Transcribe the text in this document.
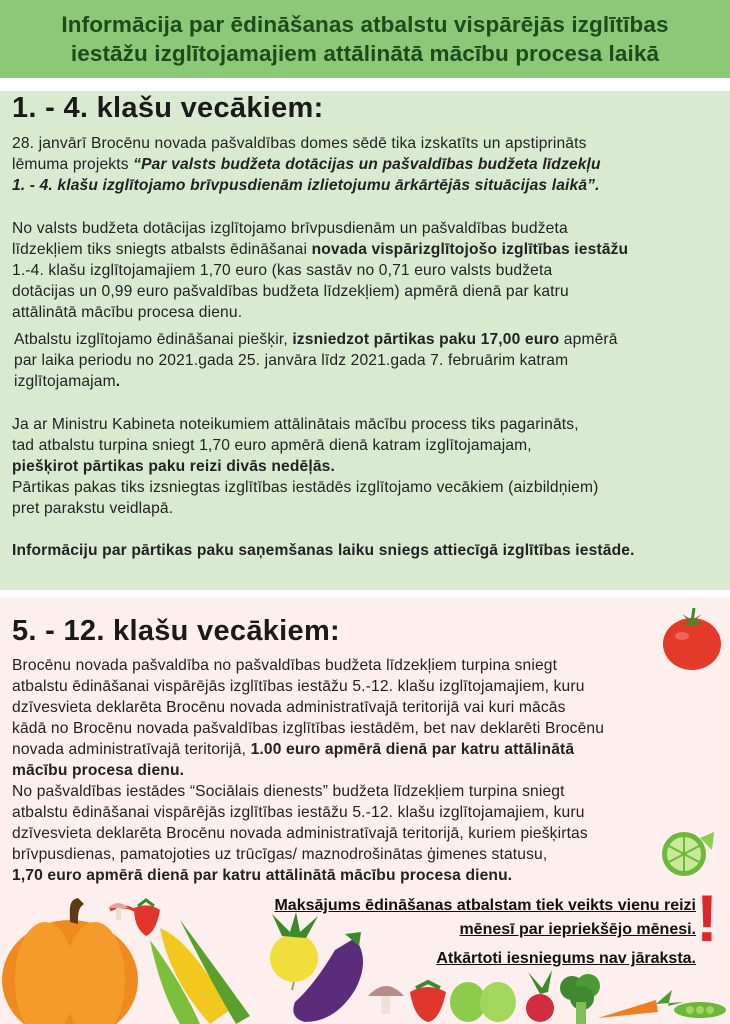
Informācija par ēdināšanas atbalstu vispārējās izglītības
iestāžu izglītojamajiem attālinātā mācību procesa laikā
1. - 4. klašu vecākiem:
28. janvārī Brocēnu novada pašvaldības domes sēdē tika izskatīts un apstiprināts
lēmuma projekts “Par valsts budžeta dotācijas un pašvaldības budžeta līdzekļu
1. - 4. klašu izglītojamo brīvpusdienām izlietojumu ārkārtējās situācijas laikā”.
No valsts budžeta dotācijas izglītojamo brīvpusdienām un pašvaldības budžeta
līdzekļiem tiks sniegts atbalsts ēdināšanai novada vispārizglītojošo izglītības iestāžu
1.-4. klašu izglītojamajiem 1,70 euro (kas sastāv no 0,71 euro valsts budžeta
dotācijas un 0,99 euro pašvaldības budžeta līdzekļiem) apmērā dienā par katru
attālinātā mācību procesa dienu.
Atbalstu izglītojamo ēdināšanai piešķir, izsniedzot pārtikas paku 17,00 euro apmērā
par laika periodu no 2021.gada 25. janvāra līdz 2021.gada 7. februārim katram
izglītojamajam.
Ja ar Ministru Kabineta noteikumiem attālinātais mācību process tiks pagarināts,
tad atbalstu turpina sniegt 1,70 euro apmērā dienā katram izglītojamajam,
piešķirot pārtikas paku reizi divās nedēļās.
Pārtikas pakas tiks izsniegtas izglītības iestādēs izglītojamo vecākiem (aizbildņiem)
pret parakstu veidlapā.
Informāciju par pārtikas paku saņemšanas laiku sniegs attiecīgā izglītības iestāde.
5. - 12. klašu vecākiem:
Brocēnu novada pašvaldība no pašvaldības budžeta līdzekļiem turpina sniegt
atbalstu ēdināšanai vispārējās izglītības iestāžu 5.-12. klašu izglītojamajiem, kuru
dzīvesvieta deklarēta Brocēnu novada administratīvajā teritorijā vai kuri mācās
kādā no Brocēnu novada pašvaldības izglītības iestādēm, bet nav deklarēti Brocēnu
novada administratīvajā teritorijā, 1.00 euro apmērā dienā par katru attālinātā
mācību procesa dienu.
No pašvaldības iestādes “Sociālais dienests” budžeta līdzekļiem turpina sniegt
atbalstu ēdināšanai vispārējās izglītības iestāžu 5.-12. klašu izglītojamajiem, kuru
dzīvesvieta deklarēta Brocēnu novada administratīvajā teritorijā, kuriem piešķirtas
brīvpusdienas, pamatojoties uz trūcīgas/ maznodrošinātas ģimenes statusu,
1,70 euro apmērā dienā par katru attālinātā mācību procesa dienu.
Maksājums ēdināšanas atbalstam tiek veikts vienu reizi
mēnesī par iepriekšējo mēnesi.
Atkārtoti iesniegums nav jāraksta.
!
